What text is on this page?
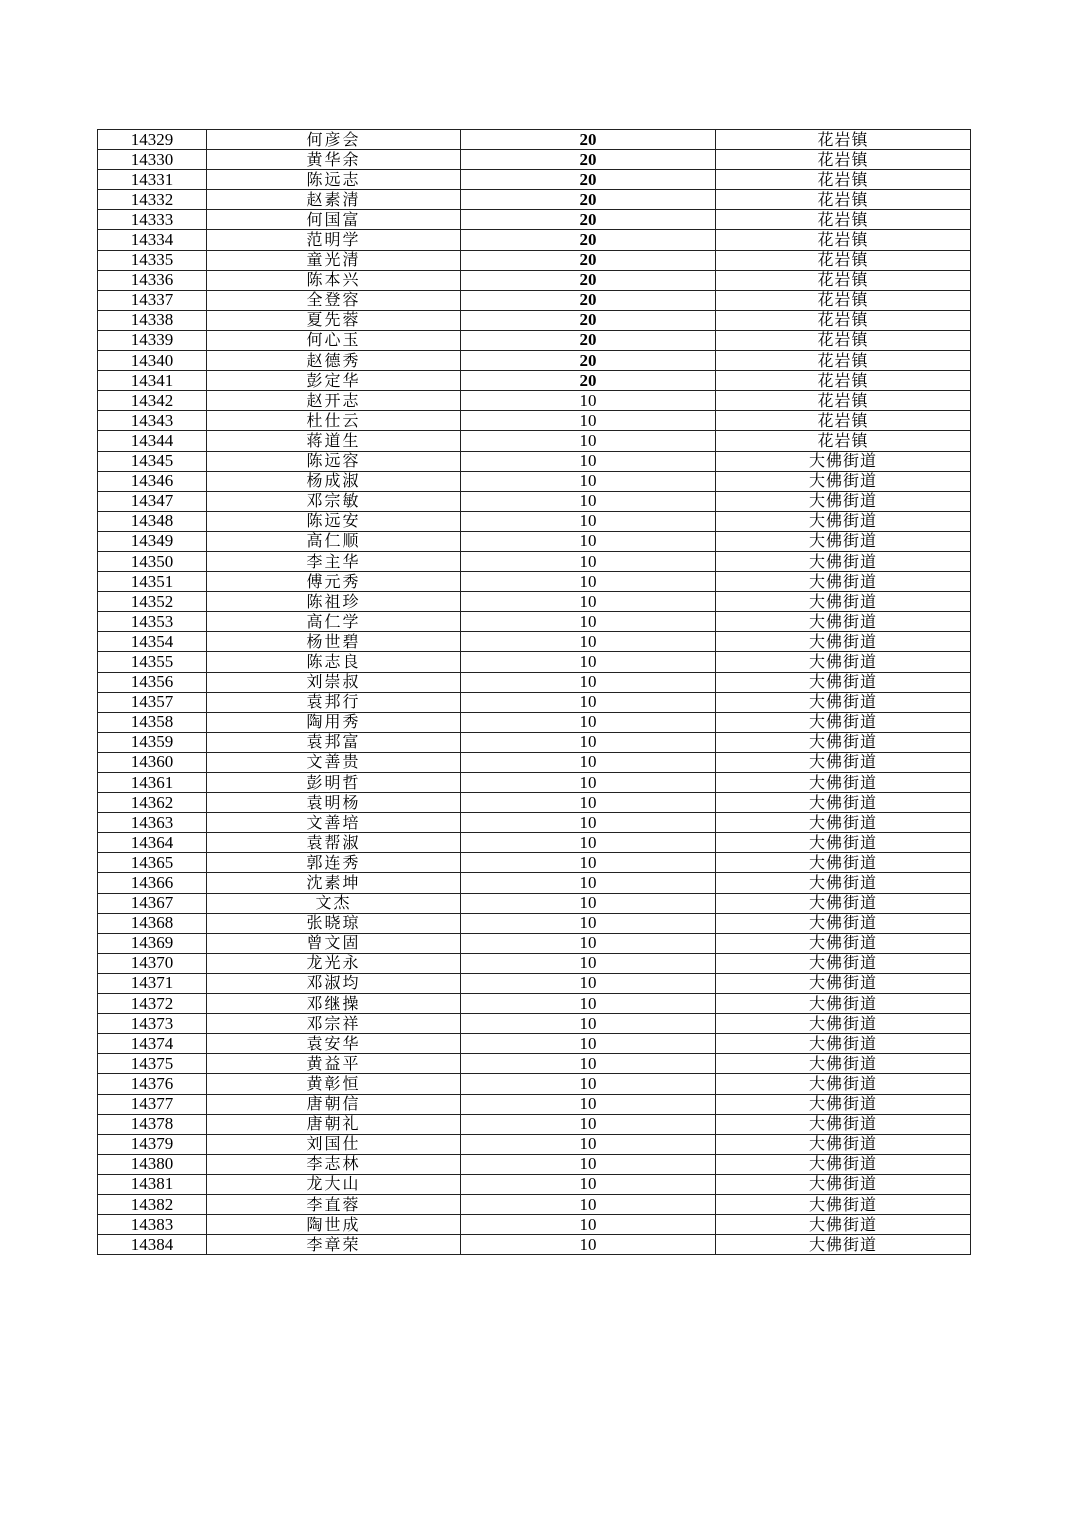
14329	何彦会	20	花岩镇
14330	黄华余	20	花岩镇
14331	陈远志	20	花岩镇
14332	赵素清	20	花岩镇
14333	何国富	20	花岩镇
14334	范明学	20	花岩镇
14335	童光清	20	花岩镇
14336	陈本兴	20	花岩镇
14337	全登容	20	花岩镇
14338	夏先蓉	20	花岩镇
14339	何心玉	20	花岩镇
14340	赵德秀	20	花岩镇
14341	彭定华	20	花岩镇
14342	赵开志	10	花岩镇
14343	杜仕云	10	花岩镇
14344	蒋道生	10	花岩镇
14345	陈远容	10	大佛街道
14346	杨成淑	10	大佛街道
14347	邓宗敏	10	大佛街道
14348	陈远安	10	大佛街道
14349	高仁顺	10	大佛街道
14350	李主华	10	大佛街道
14351	傅元秀	10	大佛街道
14352	陈祖珍	10	大佛街道
14353	高仁学	10	大佛街道
14354	杨世碧	10	大佛街道
14355	陈志良	10	大佛街道
14356	刘崇叔	10	大佛街道
14357	袁邦行	10	大佛街道
14358	陶用秀	10	大佛街道
14359	袁邦富	10	大佛街道
14360	文善贵	10	大佛街道
14361	彭明哲	10	大佛街道
14362	袁明杨	10	大佛街道
14363	文善培	10	大佛街道
14364	袁帮淑	10	大佛街道
14365	郭连秀	10	大佛街道
14366	沈素坤	10	大佛街道
14367	文杰	10	大佛街道
14368	张晓琼	10	大佛街道
14369	曾文固	10	大佛街道
14370	龙光永	10	大佛街道
14371	邓淑均	10	大佛街道
14372	邓继操	10	大佛街道
14373	邓宗祥	10	大佛街道
14374	袁安华	10	大佛街道
14375	黄益平	10	大佛街道
14376	黄彰恒	10	大佛街道
14377	唐朝信	10	大佛街道
14378	唐朝礼	10	大佛街道
14379	刘国仕	10	大佛街道
14380	李志林	10	大佛街道
14381	龙大山	10	大佛街道
14382	李直蓉	10	大佛街道
14383	陶世成	10	大佛街道
14384	李章荣	10	大佛街道
